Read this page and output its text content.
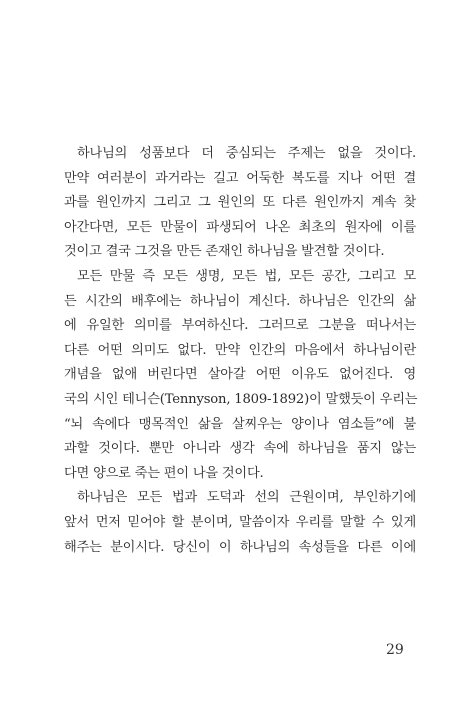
하나님의 성품보다 더 중심되는 주제는 없을 것이다.
만약 여러분이 과거라는 길고 어둑한 복도를 지나 어떤 결
과를 원인까지 그리고 그 원인의 또 다른 원인까지 계속 찾
아간다면, 모든 만물이 파생되어 나온 최초의 원자에 이를
것이고 결국 그것을 만든 존재인 하나님을 발견할 것이다.
모든 만물 즉 모든 생명, 모든 법, 모든 공간, 그리고 모
든 시간의 배후에는 하나님이 계신다. 하나님은 인간의 삶
에 유일한 의미를 부여하신다. 그러므로 그분을 떠나서는
다른 어떤 의미도 없다. 만약 인간의 마음에서 하나님이란
개념을 없애 버린다면 살아갈 어떤 이유도 없어진다. 영
국의 시인 테니슨(Tennyson, 1809-1892)이 말했듯이 우리는
“뇌 속에다 맹목적인 삶을 살찌우는 양이나 염소들”에 불
과할 것이다. 뿐만 아니라 생각 속에 하나님을 품지 않는
다면 양으로 죽는 편이 나을 것이다.
하나님은 모든 법과 도덕과 선의 근원이며, 부인하기에
앞서 먼저 믿어야 할 분이며, 말씀이자 우리를 말할 수 있게
해주는 분이시다. 당신이 이 하나님의 속성들을 다른 이에
29
